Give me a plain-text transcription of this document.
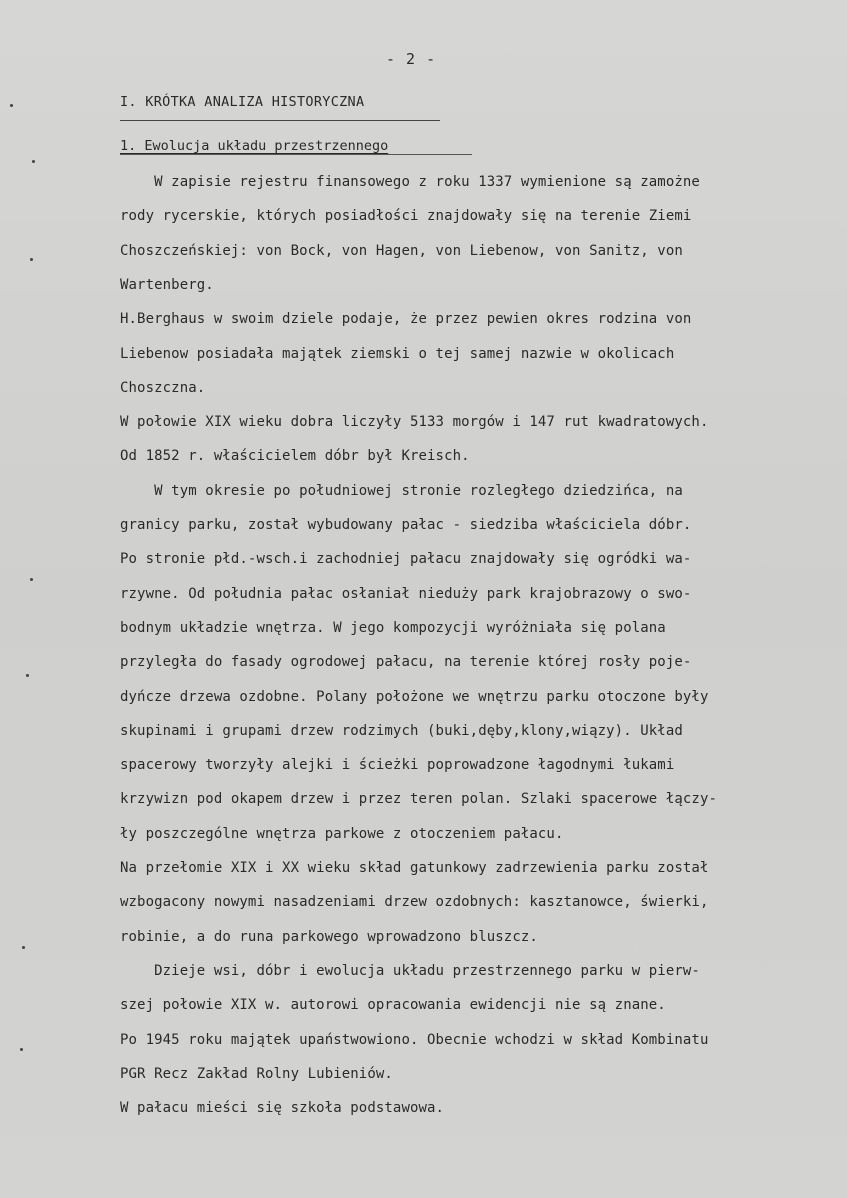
- 2 -
I. KRÓTKA ANALIZA HISTORYCZNA
1. Ewolucja układu przestrzennego
W zapisie rejestru finansowego z roku 1337 wymienione są zamożne
rody rycerskie, których posiadłości znajdowały się na terenie Ziemi
Choszczeńskiej: von Bock, von Hagen, von Liebenow, von Sanitz, von
Wartenberg.
H.Berghaus w swoim dziele podaje, że przez pewien okres rodzina von
Liebenow posiadała majątek ziemski o tej samej nazwie w okolicach
Choszczna.
W połowie XIX wieku dobra liczyły 5133 morgów i 147 rut kwadratowych.
Od 1852 r. właścicielem dóbr był Kreisch.
W tym okresie po południowej stronie rozległego dziedzińca, na
granicy parku, został wybudowany pałac - siedziba właściciela dóbr.
Po stronie płd.-wsch.i zachodniej pałacu znajdowały się ogródki wa-
rzywne. Od południa pałac osłaniał nieduży park krajobrazowy o swo-
bodnym układzie wnętrza. W jego kompozycji wyróżniała się polana
przyległa do fasady ogrodowej pałacu, na terenie której rosły poje-
dyńcze drzewa ozdobne. Polany położone we wnętrzu parku otoczone były
skupinami i grupami drzew rodzimych (buki,dęby,klony,wiązy). Układ
spacerowy tworzyły alejki i ścieżki poprowadzone łagodnymi łukami
krzywizn pod okapem drzew i przez teren polan. Szlaki spacerowe łączy-
ły poszczególne wnętrza parkowe z otoczeniem pałacu.
Na przełomie XIX i XX wieku skład gatunkowy zadrzewienia parku został
wzbogacony nowymi nasadzeniami drzew ozdobnych: kasztanowce, świerki,
robinie, a do runa parkowego wprowadzono bluszcz.
Dzieje wsi, dóbr i ewolucja układu przestrzennego parku w pierw-
szej połowie XIX w. autorowi opracowania ewidencji nie są znane.
Po 1945 roku majątek upaństwowiono. Obecnie wchodzi w skład Kombinatu
PGR Recz Zakład Rolny Lubieniów.
W pałacu mieści się szkoła podstawowa.
